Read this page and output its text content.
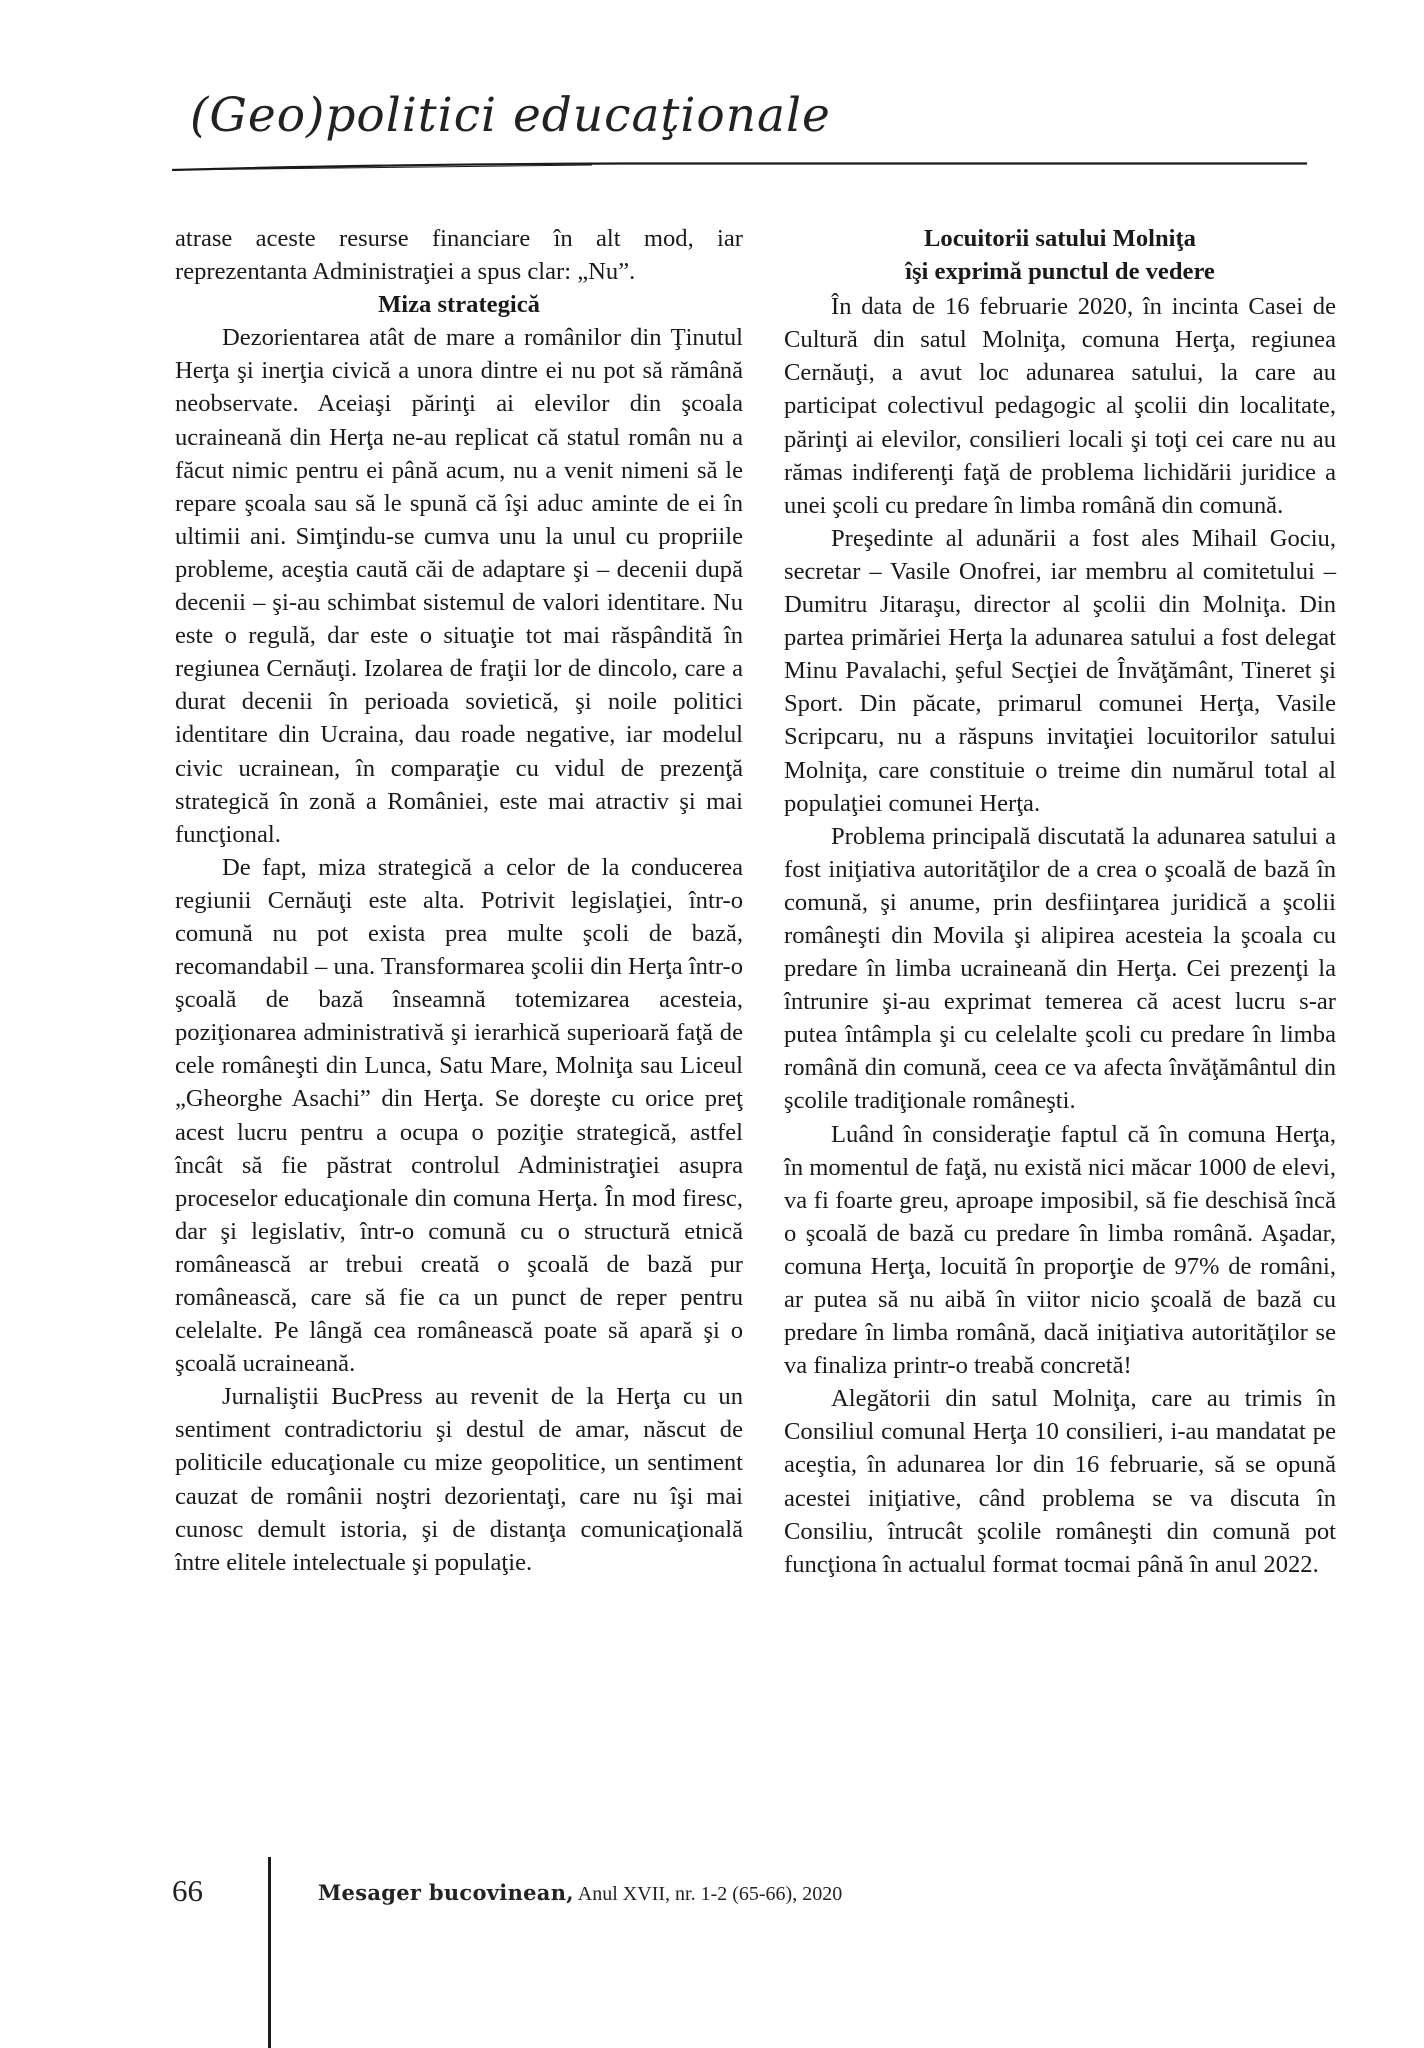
(Geo)politici educaţionale

atrase aceste resurse financiare în alt mod, iar reprezentanta Administraţiei a spus clar: „Nu”.

Miza strategică

Dezorientarea atât de mare a românilor din Ţinutul Herţa şi inerţia civică a unora dintre ei nu pot să rămână neobservate. Aceiaşi părinţi ai elevilor din şcoala ucraineană din Herţa ne-au replicat că statul român nu a făcut nimic pentru ei până acum, nu a venit nimeni să le repare şcoala sau să le spună că îşi aduc aminte de ei în ultimii ani. Simţindu-se cumva unu la unul cu propriile probleme, aceştia caută căi de adaptare şi – decenii după decenii – şi-au schimbat sistemul de valori identitare. Nu este o regulă, dar este o situaţie tot mai răspândită în regiunea Cernăuţi. Izolarea de fraţii lor de dincolo, care a durat decenii în perioada sovietică, şi noile politici identitare din Ucraina, dau roade negative, iar modelul civic ucrainean, în comparaţie cu vidul de prezenţă strategică în zonă a României, este mai atractiv şi mai funcţional.

De fapt, miza strategică a celor de la conducerea regiunii Cernăuţi este alta. Potrivit legislaţiei, într-o comună nu pot exista prea multe şcoli de bază, recomandabil – una. Transformarea şcolii din Herţa într-o şcoală de bază înseamnă totemizarea acesteia, poziţionarea administrativă şi ierarhică superioară faţă de cele româneşti din Lunca, Satu Mare, Molniţa sau Liceul „Gheorghe Asachi” din Herţa. Se doreşte cu orice preţ acest lucru pentru a ocupa o poziţie strategică, astfel încât să fie păstrat controlul Administraţiei asupra proceselor educaţionale din comuna Herţa. În mod firesc, dar şi legislativ, într-o comună cu o structură etnică românească ar trebui creată o şcoală de bază pur românească, care să fie ca un punct de reper pentru celelalte. Pe lângă cea românească poate să apară şi o şcoală ucraineană.

Jurnaliştii BucPress au revenit de la Herţa cu un sentiment contradictoriu şi destul de amar, născut de politicile educaţionale cu mize geopolitice, un sentiment cauzat de românii noştri dezorientaţi, care nu îşi mai cunosc demult istoria, şi de distanţa comunicaţională între elitele intelectuale şi populaţie.

Locuitorii satului Molniţa
îşi exprimă punctul de vedere

În data de 16 februarie 2020, în incinta Casei de Cultură din satul Molniţa, comuna Herţa, regiunea Cernăuţi, a avut loc adunarea satului, la care au participat colectivul pedagogic al şcolii din localitate, părinţi ai elevilor, consilieri locali şi toţi cei care nu au rămas indiferenţi faţă de problema lichidării juridice a unei şcoli cu predare în limba română din comună.

Preşedinte al adunării a fost ales Mihail Gociu, secretar – Vasile Onofrei, iar membru al comitetului – Dumitru Jitaraşu, director al şcolii din Molniţa. Din partea primăriei Herţa la adunarea satului a fost delegat Minu Pavalachi, şeful Secţiei de Învăţământ, Tineret şi Sport. Din păcate, primarul comunei Herţa, Vasile Scripcaru, nu a răspuns invitaţiei locuitorilor satului Molniţa, care constituie o treime din numărul total al populaţiei comunei Herţa.

Problema principală discutată la adunarea satului a fost iniţiativa autorităţilor de a crea o şcoală de bază în comună, şi anume, prin desfiinţarea juridică a şcolii româneşti din Movila şi alipirea acesteia la şcoala cu predare în limba ucraineană din Herţa. Cei prezenţi la întrunire şi-au exprimat temerea că acest lucru s-ar putea întâmpla şi cu celelalte şcoli cu predare în limba română din comună, ceea ce va afecta învăţământul din şcolile tradiţionale româneşti.

Luând în consideraţie faptul că în comuna Herţa, în momentul de faţă, nu există nici măcar 1000 de elevi, va fi foarte greu, aproape imposibil, să fie deschisă încă o şcoală de bază cu predare în limba română. Aşadar, comuna Herţa, locuită în proporţie de 97% de români, ar putea să nu aibă în viitor nicio şcoală de bază cu predare în limba română, dacă iniţiativa autorităţilor se va finaliza printr-o treabă concretă!

Alegătorii din satul Molniţa, care au trimis în Consiliul comunal Herţa 10 consilieri, i-au mandatat pe aceştia, în adunarea lor din 16 februarie, să se opună acestei iniţiative, când problema se va discuta în Consiliu, întrucât şcolile româneşti din comună pot funcţiona în actualul format tocmai până în anul 2022.

66	Mesager bucovinean, Anul XVII, nr. 1-2 (65-66), 2020
